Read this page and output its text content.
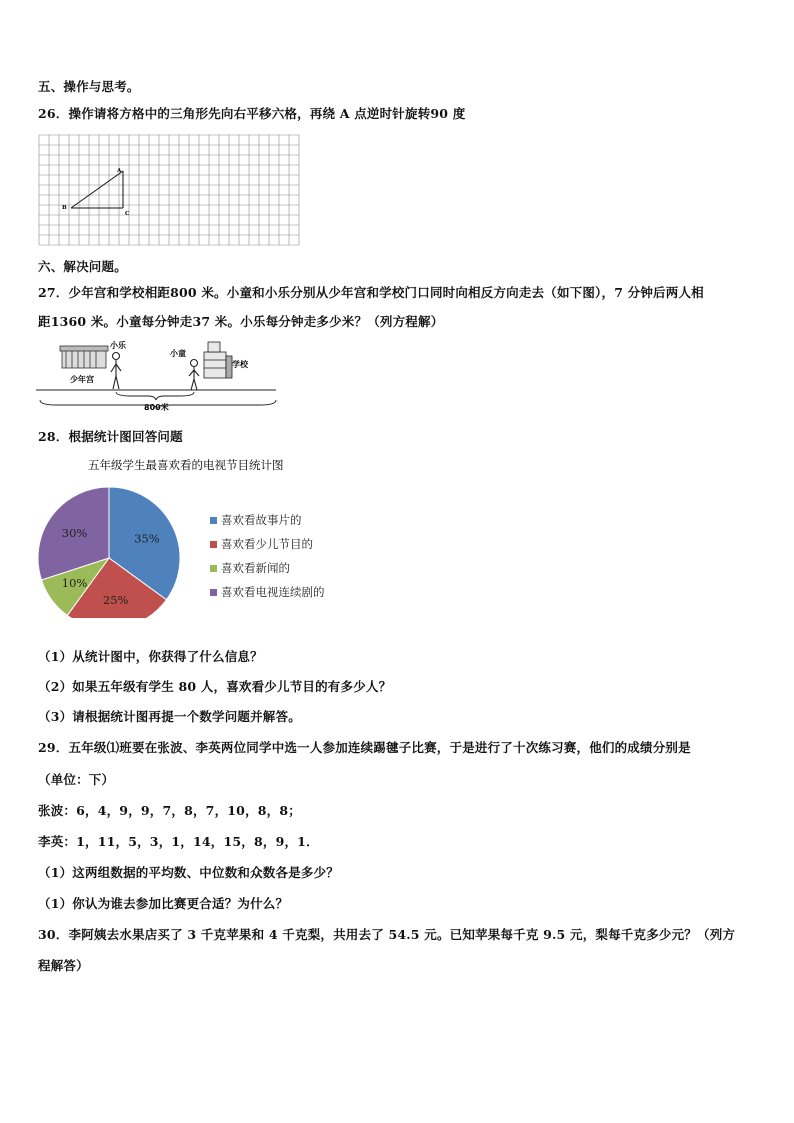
五、操作与思考。
26．操作请将方格中的三角形先向右平移六格，再绕 A 点逆时针旋转90 度
A
B
C
六、解决问题。
27．少年宫和学校相距800 米。小童和小乐分别从少年宫和学校门口同时向相反方向走去（如下图），7 分钟后两人相
距1360 米。小童每分钟走37 米。小乐每分钟走多少米？（列方程解）
少年宫
小乐
小童
学校
800米
28．根据统计图回答问题
五年级学生最喜欢看的电视节目统计图
35%
25%
10%
30%
喜欢看故事片的
喜欢看少儿节目的
喜欢看新闻的
喜欢看电视连续剧的
（1）从统计图中，你获得了什么信息？
（2）如果五年级有学生 80 人，喜欢看少儿节目的有多少人？
（3）请根据统计图再提一个数学问题并解答。
29．五年级⑴班要在张波、李英两位同学中选一人参加连续踢毽子比赛，于是进行了十次练习赛，他们的成绩分别是
（单位：下）
张波：6，4，9，9，7，8，7，10，8，8；
李英：1，11，5，3，1，14，15，8，9，1．
（1）这两组数据的平均数、中位数和众数各是多少？
（1）你认为谁去参加比赛更合适？为什么？
30．李阿姨去水果店买了 3 千克苹果和 4 千克梨，共用去了 54.5 元。已知苹果每千克 9.5 元，梨每千克多少元？（列方
程解答）
